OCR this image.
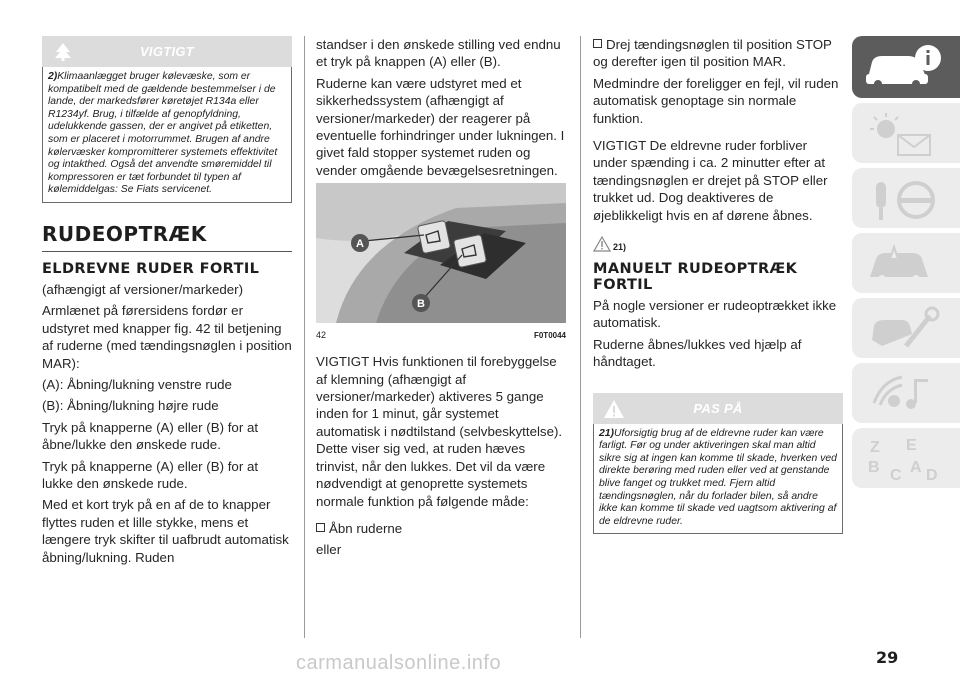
VIGTIGT
2)Klimaanlægget bruger kølevæske, som er kompatibelt med de gældende bestemmelser i de lande, der markedsfører køretøjet R134a eller R1234yf. Brug, i tilfælde af genopfyldning, udelukkende gassen, der er angivet på etiketten, som er placeret i motorrummet. Brugen af andre kølervæsker kompromitterer systemets effektivitet og intakthed. Også det anvendte smøremiddel til kompressoren er tæt forbundet til typen af kølemiddelgas: Se Fiats servicenet.
RUDEOPTRÆK
ELDREVNE RUDER FORTIL
(afhængigt af versioner/markeder)
Armlænet på førersidens fordør er udstyret med knapper fig. 42 til betjening af ruderne (med tændingsnøglen i position MAR):
(A): Åbning/lukning venstre rude
(B): Åbning/lukning højre rude
Tryk på knapperne (A) eller (B) for at åbne/lukke den ønskede rude.
Tryk på knapperne (A) eller (B) for at lukke den ønskede rude.
Med et kort tryk på en af de to knapper flyttes ruden et lille stykke, mens et længere tryk skifter til uafbrudt automatisk åbning/lukning. Ruden
standser i den ønskede stilling ved endnu et tryk på knappen (A) eller (B).
Ruderne kan være udstyret med et sikkerhedssystem (afhængigt af versioner/markeder) der reagerer på eventuelle forhindringer under lukningen. I givet fald stopper systemet ruden og vender omgående bevægelsesretningen.
A
B
42	F0T0044
VIGTIGT Hvis funktionen til forebyggelse af klemning (afhængigt af versioner/markeder) aktiveres 5 gange inden for 1 minut, går systemet automatisk i nødtilstand (selvbeskyttelse). Dette viser sig ved, at ruden hæves trinvist, når den lukkes. Det vil da være nødvendigt at genoprette systemets normale funktion på følgende måde:
Åbn ruderne
eller
Drej tændingsnøglen til position STOP og derefter igen til position MAR.
Medmindre der foreligger en fejl, vil ruden automatisk genoptage sin normale funktion.
VIGTIGT De eldrevne ruder forbliver under spænding i ca. 2 minutter efter at tændingsnøglen er drejet på STOP eller trukket ud. Dog deaktiveres de øjeblikkeligt hvis en af dørene åbnes.
21)
MANUELT RUDEOPTRÆK FORTIL
På nogle versioner er rudeoptrækket ikke automatisk.
Ruderne åbnes/lukkes ved hjælp af håndtaget.
PAS PÅ
21)Uforsigtig brug af de eldrevne ruder kan være farligt. Før og under aktiveringen skal man altid sikre sig at ingen kan komme til skade, hverken ved direkte berøring med ruden eller ved at genstande blive fanget og trukket med. Fjern altid tændingsnøglen, når du forlader bilen, så andre ikke kan komme til skade ved uagtsom aktivering af de eldrevne ruder.
Z E
B A
C D
29
carmanualsonline.info
